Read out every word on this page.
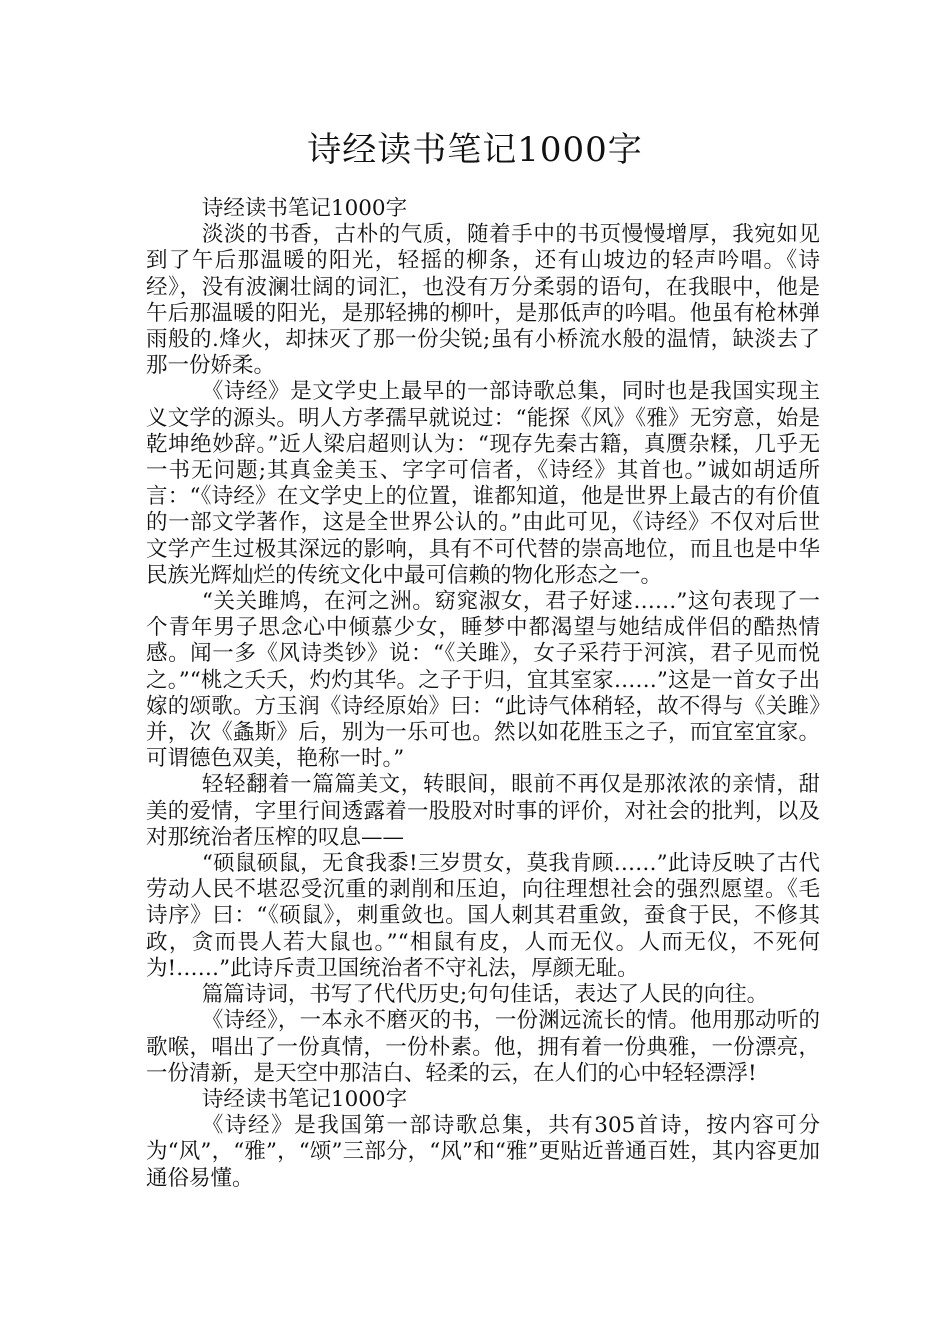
诗经读书笔记1000字

诗经读书笔记1000字

淡淡的书香，古朴的气质，随着手中的书页慢慢增厚，我宛如见到了午后那温暖的阳光，轻摇的柳条，还有山坡边的轻声吟唱。《诗经》，没有波澜壮阔的词汇，也没有万分柔弱的语句，在我眼中，他是午后那温暖的阳光，是那轻拂的柳叶，是那低声的吟唱。他虽有枪林弹雨般的.烽火，却抹灭了那一份尖锐;虽有小桥流水般的温情，缺淡去了那一份娇柔。

《诗经》是文学史上最早的一部诗歌总集，同时也是我国实现主义文学的源头。明人方孝孺早就说过：“能探《风》《雅》无穷意，始是乾坤绝妙辞。”近人梁启超则认为：“现存先秦古籍，真赝杂糅，几乎无一书无问题;其真金美玉、字字可信者，《诗经》其首也。”诚如胡适所言：“《诗经》在文学史上的位置，谁都知道，他是世界上最古的有价值的一部文学著作，这是全世界公认的。”由此可见，《诗经》不仅对后世文学产生过极其深远的影响，具有不可代替的崇高地位，而且也是中华民族光辉灿烂的传统文化中最可信赖的物化形态之一。

“关关雎鸠，在河之洲。窈窕淑女，君子好逑……”这句表现了一个青年男子思念心中倾慕少女，睡梦中都渴望与她结成伴侣的酷热情感。闻一多《风诗类钞》说：“《关雎》，女子采荇于河滨，君子见而悦之。”“桃之夭夭，灼灼其华。之子于归，宜其室家……”这是一首女子出嫁的颂歌。方玉润《诗经原始》曰：“此诗气体稍轻，故不得与《关雎》并，次《螽斯》后，别为一乐可也。然以如花胜玉之子，而宜室宜家。可谓德色双美，艳称一时。”

轻轻翻着一篇篇美文，转眼间，眼前不再仅是那浓浓的亲情，甜美的爱情，字里行间透露着一股股对时事的评价，对社会的批判，以及对那统治者压榨的叹息——

“硕鼠硕鼠，无食我黍!三岁贯女，莫我肯顾……”此诗反映了古代劳动人民不堪忍受沉重的剥削和压迫，向往理想社会的强烈愿望。《毛诗序》曰：“《硕鼠》，刺重敛也。国人刺其君重敛，蚕食于民，不修其政，贪而畏人若大鼠也。”“相鼠有皮，人而无仪。人而无仪，不死何为!……”此诗斥责卫国统治者不守礼法，厚颜无耻。

篇篇诗词，书写了代代历史;句句佳话，表达了人民的向往。

《诗经》，一本永不磨灭的书，一份渊远流长的情。他用那动听的歌喉，唱出了一份真情，一份朴素。他，拥有着一份典雅，一份漂亮，一份清新，是天空中那洁白、轻柔的云，在人们的心中轻轻漂浮!

诗经读书笔记1000字

《诗经》是我国第一部诗歌总集，共有305首诗，按内容可分为“风”，“雅”，“颂”三部分，“风”和“雅”更贴近普通百姓，其内容更加通俗易懂。
